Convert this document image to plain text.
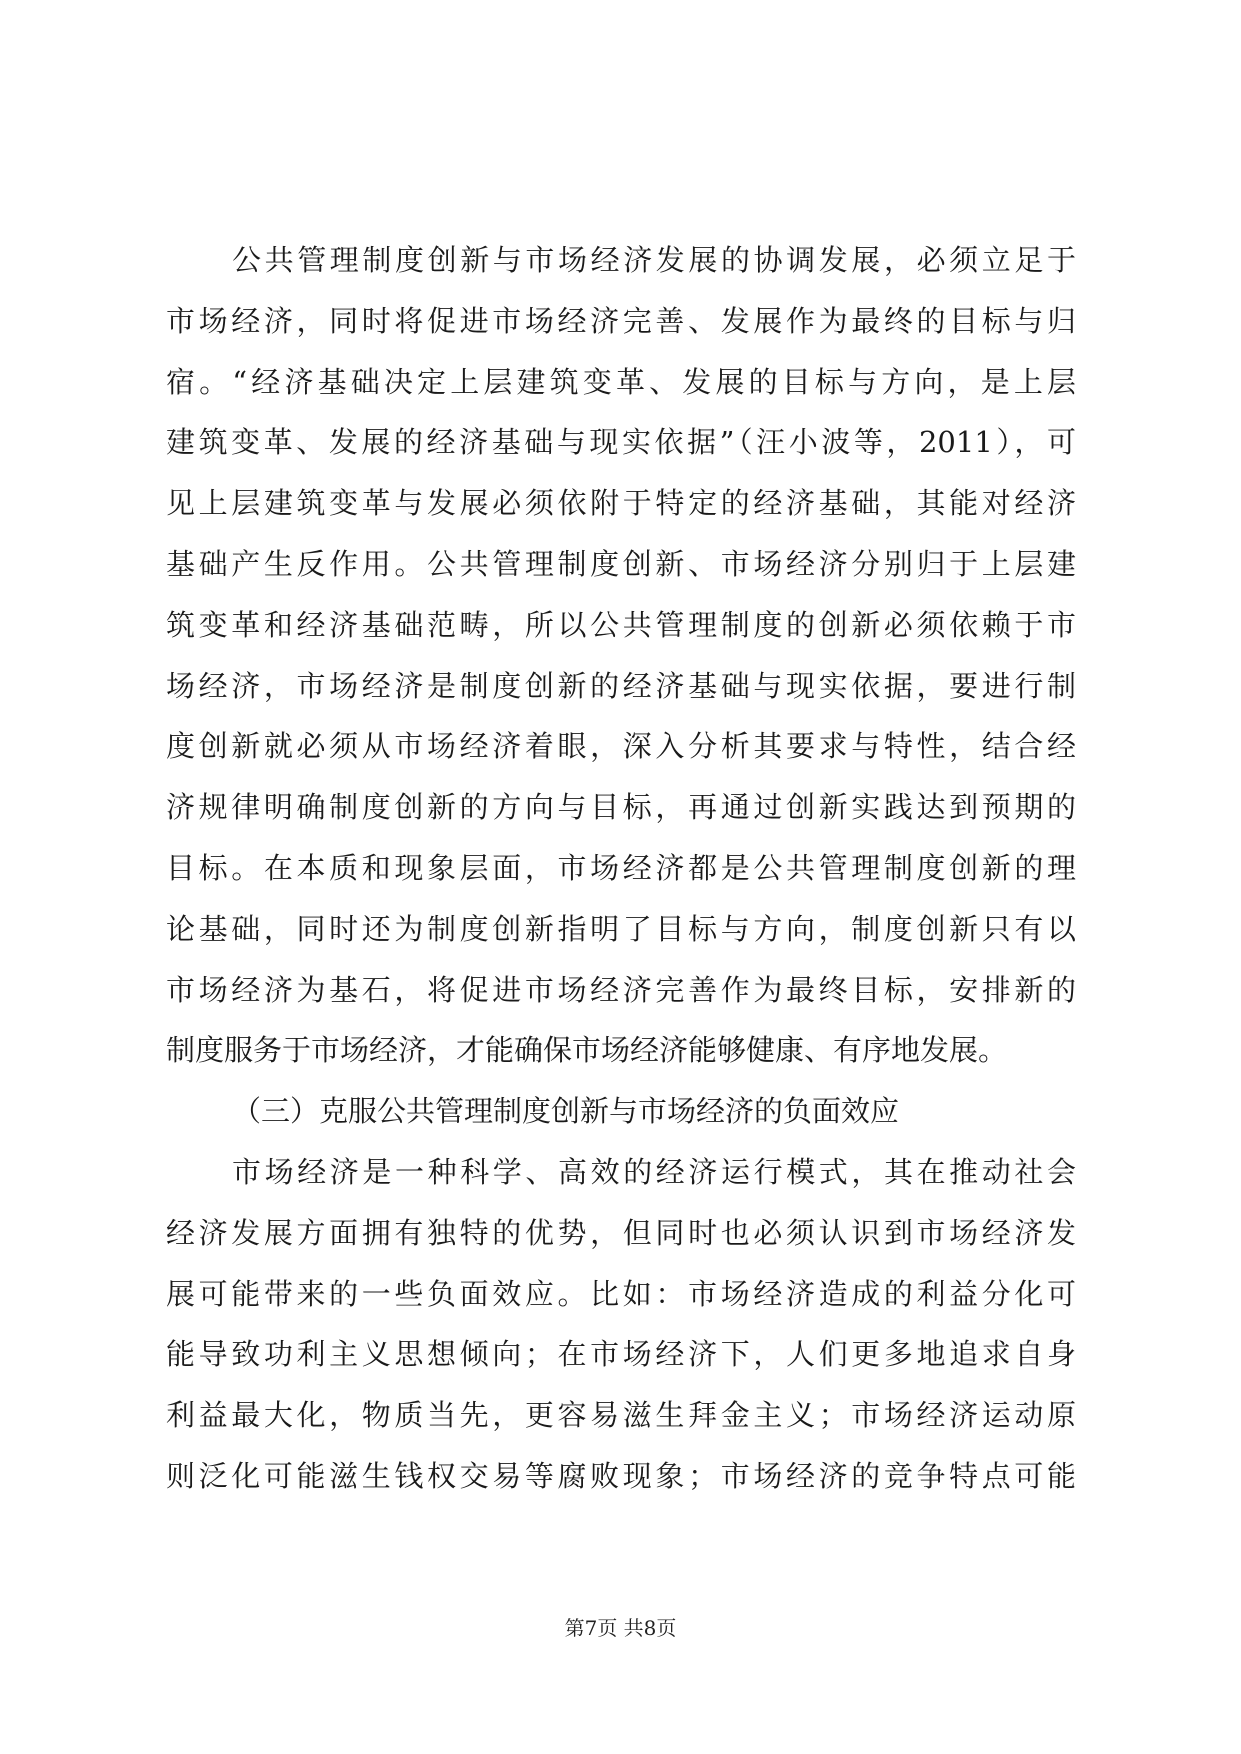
公共管理制度创新与市场经济发展的协调发展，必须立足于
市场经济，同时将促进市场经济完善、发展作为最终的目标与归
宿。“经济基础决定上层建筑变革、发展的目标与方向，是上层
建筑变革、发展的经济基础与现实依据”（汪小波等，2011），可
见上层建筑变革与发展必须依附于特定的经济基础，其能对经济
基础产生反作用。公共管理制度创新、市场经济分别归于上层建
筑变革和经济基础范畴，所以公共管理制度的创新必须依赖于市
场经济，市场经济是制度创新的经济基础与现实依据，要进行制
度创新就必须从市场经济着眼，深入分析其要求与特性，结合经
济规律明确制度创新的方向与目标，再通过创新实践达到预期的
目标。在本质和现象层面，市场经济都是公共管理制度创新的理
论基础，同时还为制度创新指明了目标与方向，制度创新只有以
市场经济为基石，将促进市场经济完善作为最终目标，安排新的
制度服务于市场经济，才能确保市场经济能够健康、有序地发展。
（三）克服公共管理制度创新与市场经济的负面效应
市场经济是一种科学、高效的经济运行模式，其在推动社会
经济发展方面拥有独特的优势，但同时也必须认识到市场经济发
展可能带来的一些负面效应。比如：市场经济造成的利益分化可
能导致功利主义思想倾向；在市场经济下，人们更多地追求自身
利益最大化，物质当先，更容易滋生拜金主义；市场经济运动原
则泛化可能滋生钱权交易等腐败现象；市场经济的竞争特点可能
第7页 共8页
